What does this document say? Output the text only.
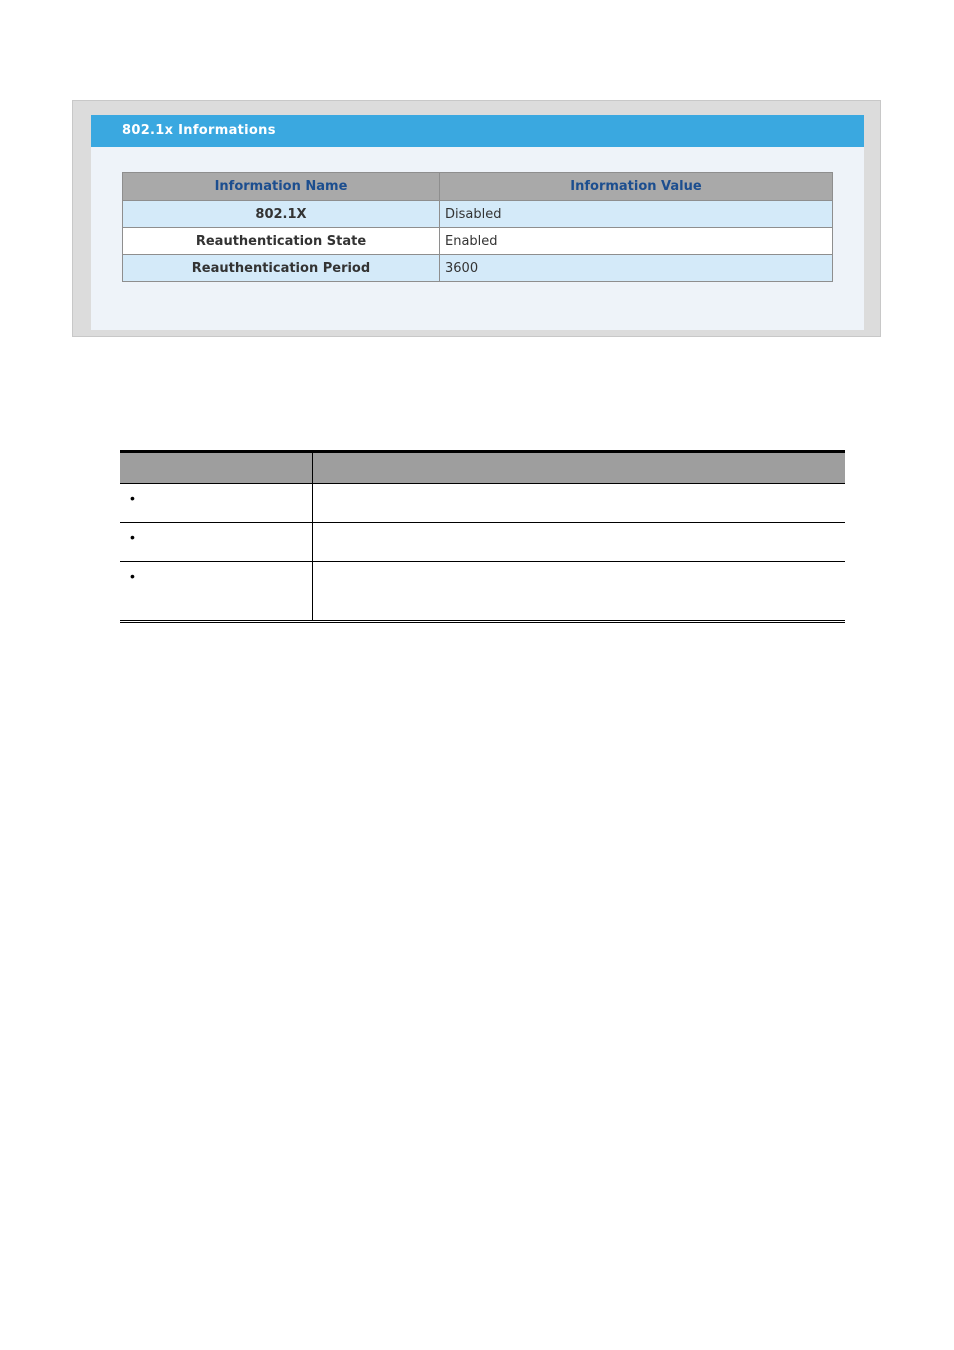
802.1x Informations
Information Name	Information Value
802.1X	Disabled
Reauthentication State	Enabled
Reauthentication Period	3600

•	
•	
•	
